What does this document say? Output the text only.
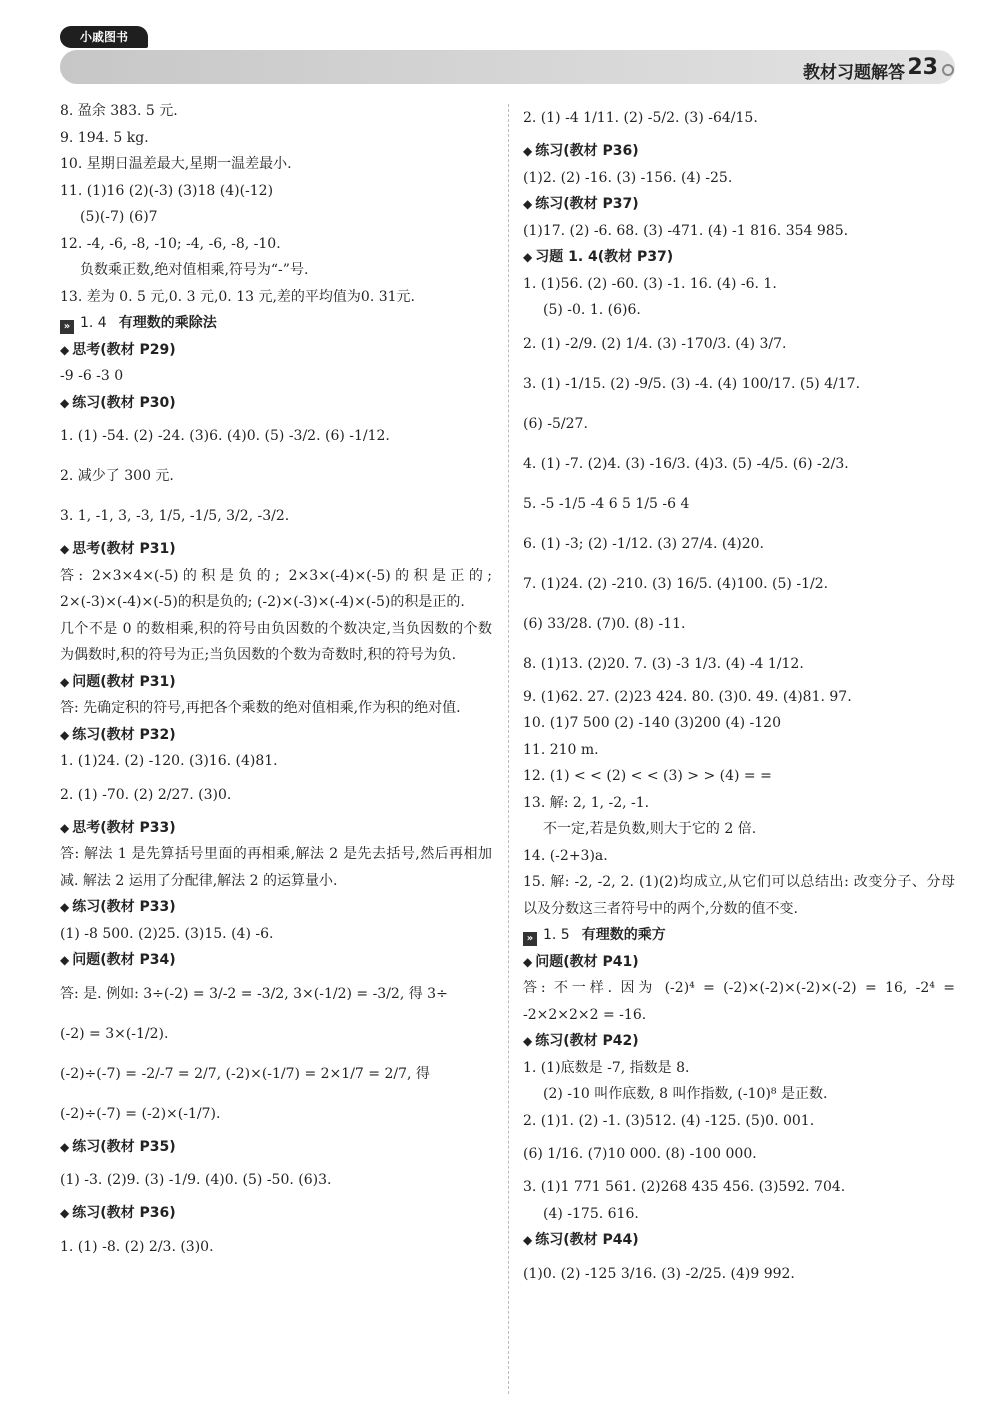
小戚图书
教材习题解答 23
8. 盈余 383. 5 元.
9. 194. 5 kg.
10. 星期日温差最大,星期一温差最小.
11. (1)16 (2)(-3) (3)18 (4)(-12)
(5)(-7) (6)7
12. -4, -6, -8, -10; -4, -6, -8, -10.
负数乘正数,绝对值相乘,符号为“-”号.
13. 差为 0. 5 元,0. 3 元,0. 13 元,差的平均值为0. 31元.
» 1. 4 有理数的乘除法
◆ 思考(教材 P29)
-9 -6 -3 0
◆ 练习(教材 P30)
1. (1) -54. (2) -24. (3)6. (4)0. (5) -3/2. (6) -1/12.
2. 减少了 300 元.
3. 1, -1, 3, -3, 1/5, -1/5, 3/2, -3/2.
◆ 思考(教材 P31)
答: 2×3×4×(-5)的积是负的; 2×3×(-4)×(-5)的积是正的; 2×(-3)×(-4)×(-5)的积是负的; (-2)×(-3)×(-4)×(-5)的积是正的.
几个不是 0 的数相乘,积的符号由负因数的个数决定,当负因数的个数为偶数时,积的符号为正;当负因数的个数为奇数时,积的符号为负.
◆ 问题(教材 P31)
答: 先确定积的符号,再把各个乘数的绝对值相乘,作为积的绝对值.
◆ 练习(教材 P32)
1. (1)24. (2) -120. (3)16. (4)81.
2. (1) -70. (2) 2/27. (3)0.
◆ 思考(教材 P33)
答: 解法 1 是先算括号里面的再相乘,解法 2 是先去括号,然后再相加减. 解法 2 运用了分配律,解法 2 的运算量小.
◆ 练习(教材 P33)
(1) -8 500. (2)25. (3)15. (4) -6.
◆ 问题(教材 P34)
答: 是. 例如: 3÷(-2) = 3/-2 = -3/2, 3×(-1/2) = -3/2, 得 3÷
(-2) = 3×(-1/2).
(-2)÷(-7) = -2/-7 = 2/7, (-2)×(-1/7) = 2×1/7 = 2/7, 得
(-2)÷(-7) = (-2)×(-1/7).
◆ 练习(教材 P35)
(1) -3. (2)9. (3) -1/9. (4)0. (5) -50. (6)3.
◆ 练习(教材 P36)
1. (1) -8. (2) 2/3. (3)0.
2. (1) -4 1/11. (2) -5/2. (3) -64/15.
◆ 练习(教材 P36)
(1)2. (2) -16. (3) -156. (4) -25.
◆ 练习(教材 P37)
(1)17. (2) -6. 68. (3) -471. (4) -1 816. 354 985.
◆ 习题 1. 4(教材 P37)
1. (1)56. (2) -60. (3) -1. 16. (4) -6. 1.
(5) -0. 1. (6)6.
2. (1) -2/9. (2) 1/4. (3) -170/3. (4) 3/7.
3. (1) -1/15. (2) -9/5. (3) -4. (4) 100/17. (5) 4/17.
(6) -5/27.
4. (1) -7. (2)4. (3) -16/3. (4)3. (5) -4/5. (6) -2/3.
5. -5 -1/5 -4 6 5 1/5 -6 4
6. (1) -3; (2) -1/12. (3) 27/4. (4)20.
7. (1)24. (2) -210. (3) 16/5. (4)100. (5) -1/2.
(6) 33/28. (7)0. (8) -11.
8. (1)13. (2)20. 7. (3) -3 1/3. (4) -4 1/12.
9. (1)62. 27. (2)23 424. 80. (3)0. 49. (4)81. 97.
10. (1)7 500 (2) -140 (3)200 (4) -120
11. 210 m.
12. (1) < < (2) < < (3) > > (4) = =
13. 解: 2, 1, -2, -1.
不一定,若是负数,则大于它的 2 倍.
14. (-2+3)a.
15. 解: -2, -2, 2. (1)(2)均成立,从它们可以总结出: 改变分子、分母以及分数这三者符号中的两个,分数的值不变.
» 1. 5 有理数的乘方
◆ 问题(教材 P41)
答: 不一样. 因为 (-2)⁴ = (-2)×(-2)×(-2)×(-2) = 16, -2⁴ = -2×2×2×2 = -16.
◆ 练习(教材 P42)
1. (1)底数是 -7, 指数是 8.
(2) -10 叫作底数, 8 叫作指数, (-10)⁸ 是正数.
2. (1)1. (2) -1. (3)512. (4) -125. (5)0. 001.
(6) 1/16. (7)10 000. (8) -100 000.
3. (1)1 771 561. (2)268 435 456. (3)592. 704.
(4) -175. 616.
◆ 练习(教材 P44)
(1)0. (2) -125 3/16. (3) -2/25. (4)9 992.
